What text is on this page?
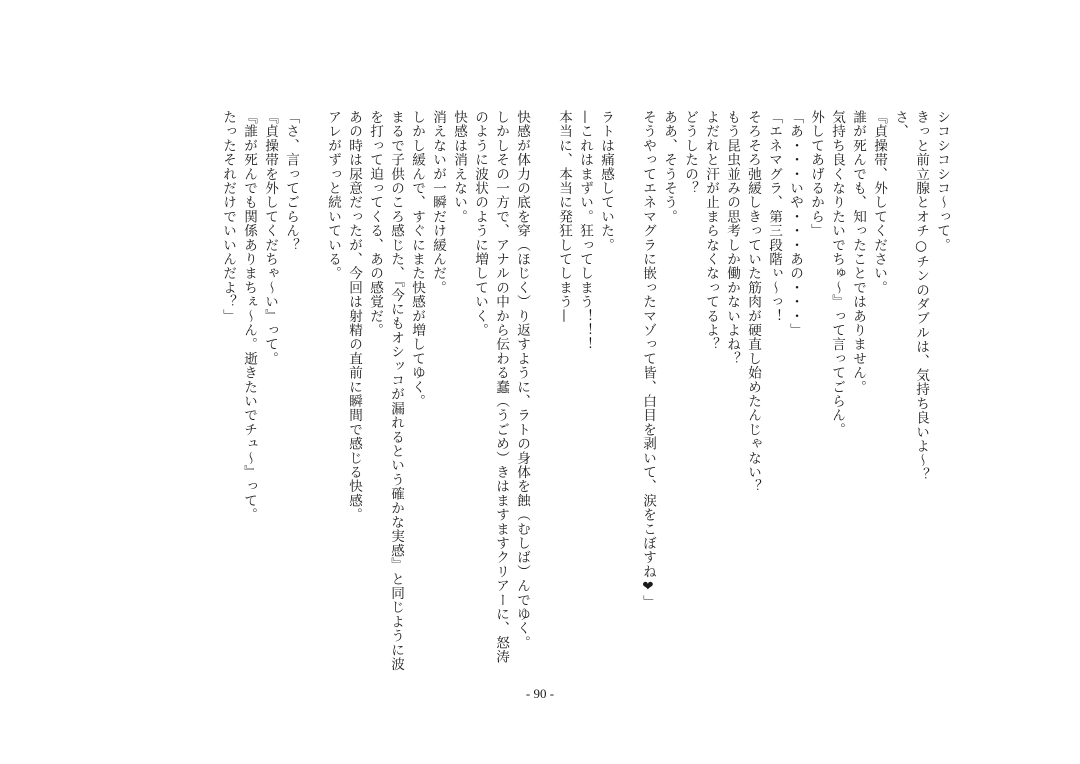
シコシコシコ〜って。
きっと前立腺とオチ○チンのダブルは、気持ち良いよ〜？
さ、
『貞操帯、外してください。
誰が死んでも、知ったことではありません。
気持ち良くなりたいでちゅ〜』って言ってごらん。
外してあげるから」
「あ・・・いや・・・あの・・・」
「エネマグラ、第三段階ぃ〜っ！
そろそろ弛緩しきっていた筋肉が硬直し始めたんじゃない？
もう昆虫並みの思考しか働かないよね？
よだれと汗が止まらなくなってるよ？
どうしたの？
ああ、そうそう。
そうやってエネマグラに嵌ったマゾって皆、白目を剥いて、涙をこぼすね❤」
ラトは痛感していた。
—これはまずい。狂ってしまう！！！
本当に、本当に発狂してしまう—
快感が体力の底を穿（ほじく）り返すように、ラトの身体を蝕（むしば）んでゆく。
しかしその一方で、アナルの中から伝わる蠢（うごめ）きはますますクリアーに、怒涛
のように波状のように増していく。
快感は消えない。
消えないが一瞬だけ緩んだ。
しかし緩んで、すぐにまた快感が増してゆく。
まるで子供のころ感じた、『今にもオシッコが漏れるという確かな実感』と同じように波
を打って迫ってくる、あの感覚だ。
あの時は尿意だったが、今回は射精の直前に瞬間で感じる快感。
アレがずっと続いている。
「さ、言ってごらん？
『貞操帯を外してくだちゃ〜い』って。
『誰が死んでも関係ありまちぇ〜ん。逝きたいでチュ〜』って。
たったそれだけでいいんだよ？」
- 90 -
